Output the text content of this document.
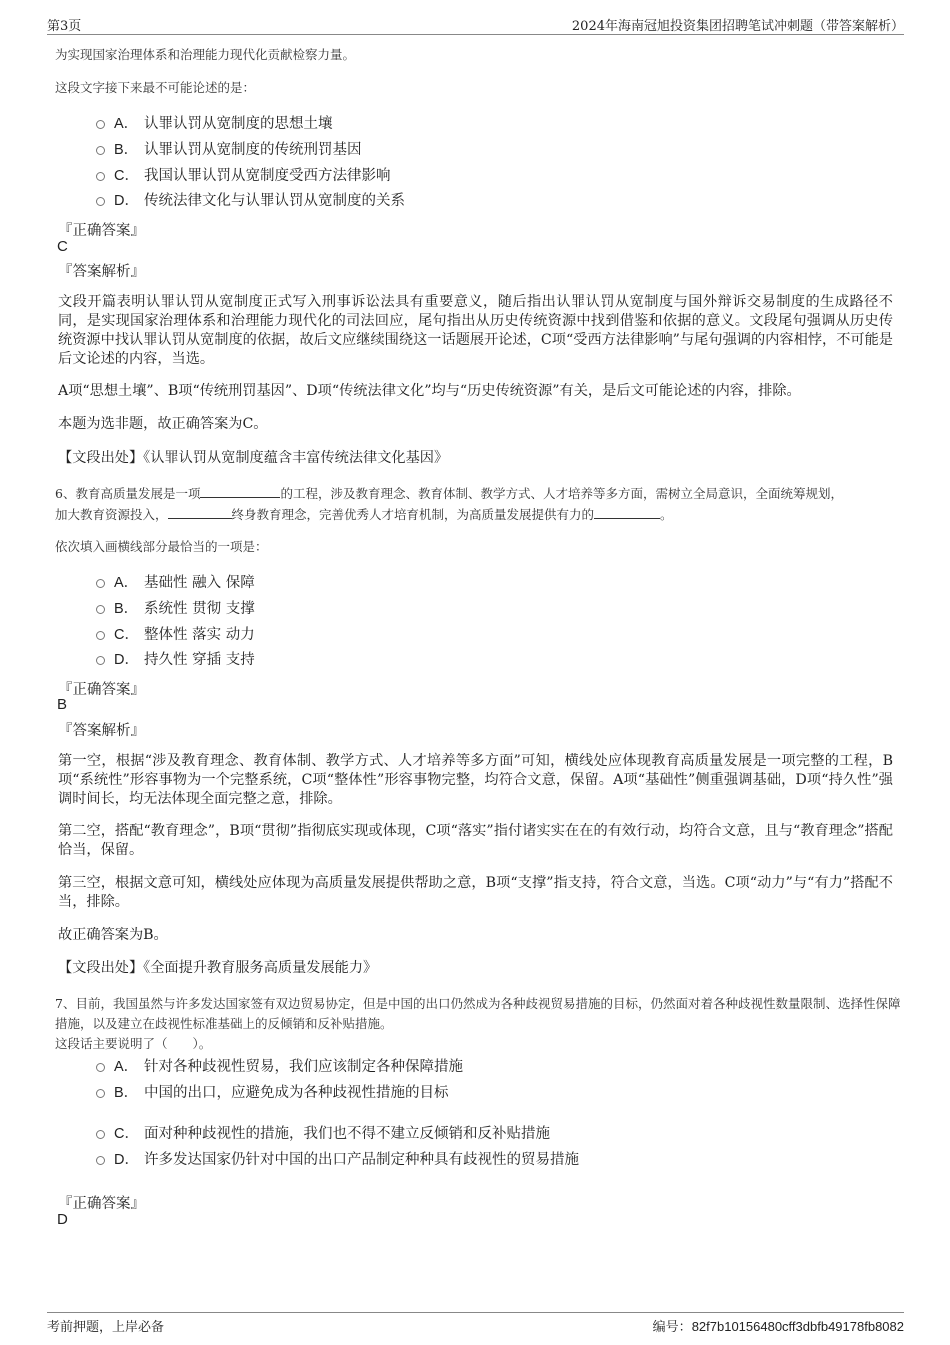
第3页	2024年海南冠旭投资集团招聘笔试冲刺题（带答案解析）
为实现国家治理体系和治理能力现代化贡献检察力量。
这段文字接下来最不可能论述的是：
A． 认罪认罚从宽制度的思想土壤
B． 认罪认罚从宽制度的传统刑罚基因
C． 我国认罪认罚从宽制度受西方法律影响
D． 传统法律文化与认罪认罚从宽制度的关系
『正确答案』
C
『答案解析』
文段开篇表明认罪认罚从宽制度正式写入刑事诉讼法具有重要意义，随后指出认罪认罚从宽制度与国外辩诉交易制度的生成路径不同，是实现国家治理体系和治理能力现代化的司法回应，尾句指出从历史传统资源中找到借鉴和依据的意义。文段尾句强调从历史传统资源中找认罪认罚从宽制度的依据，故后文应继续围绕这一话题展开论述，C项“受西方法律影响”与尾句强调的内容相悖，不可能是后文论述的内容，当选。
A项“思想土壤”、B项“传统刑罚基因”、D项“传统法律文化”均与“历史传统资源”有关，是后文可能论述的内容，排除。
本题为选非题，故正确答案为C。
【文段出处】《认罪认罚从宽制度蕴含丰富传统法律文化基因》
6、教育高质量发展是一项	的工程，涉及教育理念、教育体制、教学方式、人才培养等多方面，需树立全局意识，全面统筹规划，
加大教育资源投入，	终身教育理念，完善优秀人才培育机制，为高质量发展提供有力的	。
依次填入画横线部分最恰当的一项是：
A． 基础性 融入 保障
B． 系统性 贯彻 支撑
C． 整体性 落实 动力
D． 持久性 穿插 支持
『正确答案』
B
『答案解析』
第一空，根据“涉及教育理念、教育体制、教学方式、人才培养等多方面”可知，横线处应体现教育高质量发展是一项完整的工程，B项“系统性”形容事物为一个完整系统，C项“整体性”形容事物完整，均符合文意，保留。A项“基础性”侧重强调基础，D项“持久性”强调时间长，均无法体现全面完整之意，排除。
第二空，搭配“教育理念”，B项“贯彻”指彻底实现或体现，C项“落实”指付诸实实在在的有效行动，均符合文意，且与“教育理念”搭配恰当，保留。
第三空，根据文意可知，横线处应体现为高质量发展提供帮助之意，B项“支撑”指支持，符合文意，当选。C项“动力”与“有力”搭配不当，排除。
故正确答案为B。
【文段出处】《全面提升教育服务高质量发展能力》
7、目前，我国虽然与许多发达国家签有双边贸易协定，但是中国的出口仍然成为各种歧视贸易措施的目标，仍然面对着各种歧视性数量限制、选择性保障措施，以及建立在歧视性标准基础上的反倾销和反补贴措施。
这段话主要说明了（　　）。
A． 针对各种歧视性贸易，我们应该制定各种保障措施
B． 中国的出口，应避免成为各种歧视性措施的目标
C． 面对种种歧视性的措施，我们也不得不建立反倾销和反补贴措施
D． 许多发达国家仍针对中国的出口产品制定种种具有歧视性的贸易措施
『正确答案』
D
考前押题，上岸必备	编号：82f7b10156480cff3dbfb49178fb8082
